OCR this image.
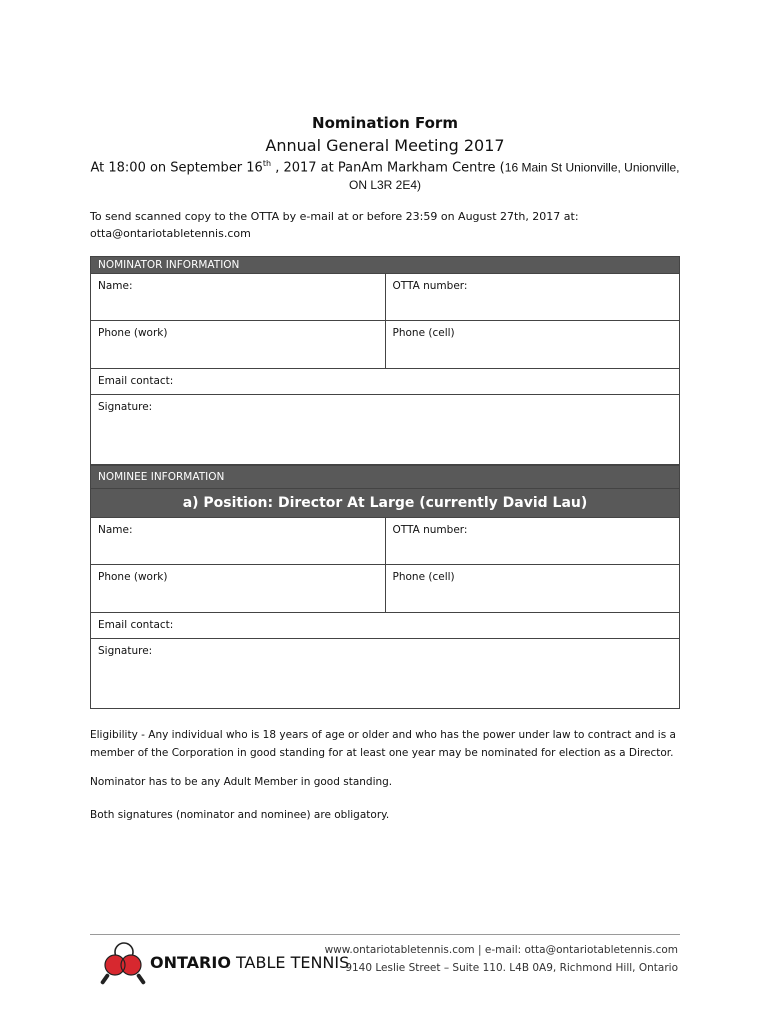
Nomination Form
Annual General Meeting 2017
At 18:00 on September 16th , 2017 at PanAm Markham Centre (16 Main St Unionville, Unionville,
ON L3R 2E4)
To send scanned copy to the OTTA by e-mail at or before 23:59 on August 27th, 2017 at:
otta@ontariotabletennis.com
NOMINATOR INFORMATION	
Name:	OTTA number:
Phone (work)	Phone (cell)
Email contact:	
Signature:	
NOMINEE INFORMATION	
a) Position: Director At Large (currently David Lau)	
Name:	OTTA number:
Phone (work)	Phone (cell)
Email contact:	
Signature:	
Eligibility - Any individual who is 18 years of age or older and who has the power under law to contract and is a member of the Corporation in good standing for at least one year may be nominated for election as a Director.
Nominator has to be any Adult Member in good standing.
Both signatures (nominator and nominee) are obligatory.
ONTARIO TABLE TENNIS
www.ontariotabletennis.com | e-mail: otta@ontariotabletennis.com
9140 Leslie Street – Suite 110. L4B 0A9, Richmond Hill, Ontario
